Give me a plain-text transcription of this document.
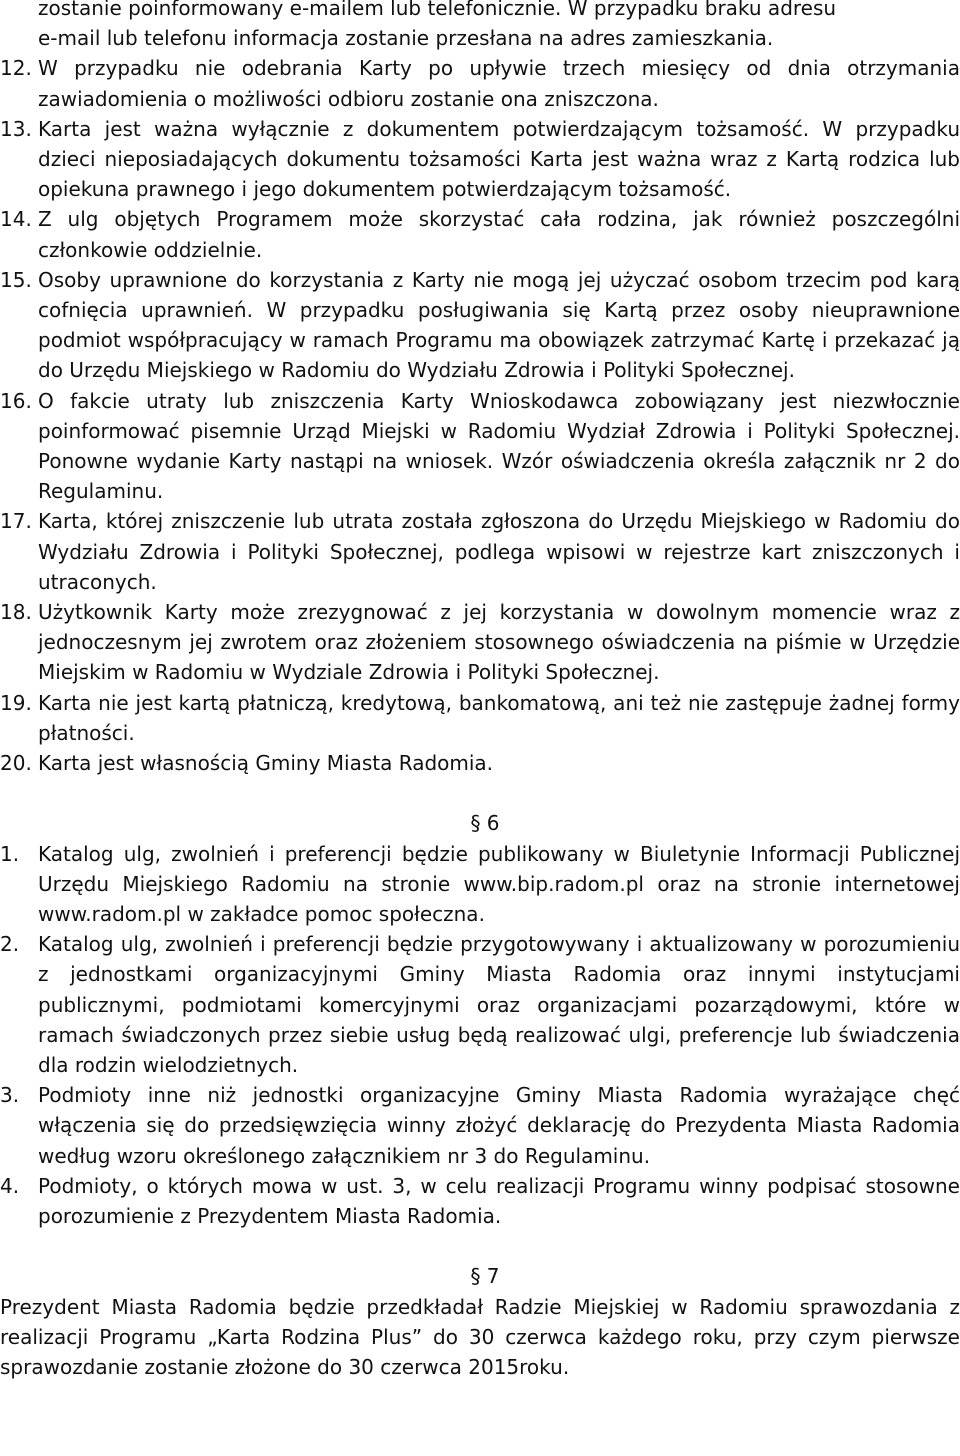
zostanie poinformowany e-mailem lub telefonicznie. W przypadku braku adresu
e-mail lub telefonu informacja zostanie przesłana na adres zamieszkania.
12. W przypadku nie odebrania Karty po upływie trzech miesięcy od dnia otrzymania zawiadomienia o możliwości odbioru zostanie ona zniszczona.
13. Karta jest ważna wyłącznie z dokumentem potwierdzającym tożsamość. W przypadku dzieci nieposiadających dokumentu tożsamości Karta jest ważna wraz z Kartą rodzica lub opiekuna prawnego i jego dokumentem potwierdzającym tożsamość.
14. Z ulg objętych Programem może skorzystać cała rodzina, jak również poszczególni członkowie oddzielnie.
15. Osoby uprawnione do korzystania z Karty nie mogą jej użyczać osobom trzecim pod karą cofnięcia uprawnień. W przypadku posługiwania się Kartą przez osoby nieuprawnione podmiot współpracujący w ramach Programu ma obowiązek zatrzymać Kartę i przekazać ją do Urzędu Miejskiego w Radomiu do Wydziału Zdrowia i Polityki Społecznej.
16. O fakcie utraty lub zniszczenia Karty Wnioskodawca zobowiązany jest niezwłocznie poinformować pisemnie Urząd Miejski w Radomiu Wydział Zdrowia i Polityki Społecznej. Ponowne wydanie Karty nastąpi na wniosek. Wzór oświadczenia określa załącznik nr 2 do Regulaminu.
17. Karta, której zniszczenie lub utrata została zgłoszona do Urzędu Miejskiego w Radomiu do Wydziału Zdrowia i Polityki Społecznej, podlega wpisowi w rejestrze kart zniszczonych i utraconych.
18. Użytkownik Karty może zrezygnować z jej korzystania w dowolnym momencie wraz z jednoczesnym jej zwrotem oraz złożeniem stosownego oświadczenia na piśmie w Urzędzie Miejskim w Radomiu w Wydziale Zdrowia i Polityki Społecznej.
19. Karta nie jest kartą płatniczą, kredytową, bankomatową, ani też nie zastępuje żadnej formy płatności.
20. Karta jest własnością Gminy Miasta Radomia.
§ 6
1. Katalog ulg, zwolnień i preferencji będzie publikowany w Biuletynie Informacji Publicznej Urzędu Miejskiego Radomiu na stronie www.bip.radom.pl oraz na stronie internetowej www.radom.pl w zakładce pomoc społeczna.
2. Katalog ulg, zwolnień i preferencji będzie przygotowywany i aktualizowany w porozumieniu z jednostkami organizacyjnymi Gminy Miasta Radomia oraz innymi instytucjami publicznymi, podmiotami komercyjnymi oraz organizacjami pozarządowymi, które w ramach świadczonych przez siebie usług będą realizować ulgi, preferencje lub świadczenia dla rodzin wielodzietnych.
3. Podmioty inne niż jednostki organizacyjne Gminy Miasta Radomia wyrażające chęć włączenia się do przedsięwzięcia winny złożyć deklarację do Prezydenta Miasta Radomia według wzoru określonego załącznikiem nr 3 do Regulaminu.
4. Podmioty, o których mowa w ust. 3, w celu realizacji Programu winny podpisać stosowne porozumienie z Prezydentem Miasta Radomia.
§ 7
Prezydent Miasta Radomia będzie przedkładał Radzie Miejskiej w Radomiu sprawozdania z realizacji Programu „Karta Rodzina Plus” do 30 czerwca każdego roku, przy czym pierwsze sprawozdanie zostanie złożone do 30 czerwca 2015roku.
